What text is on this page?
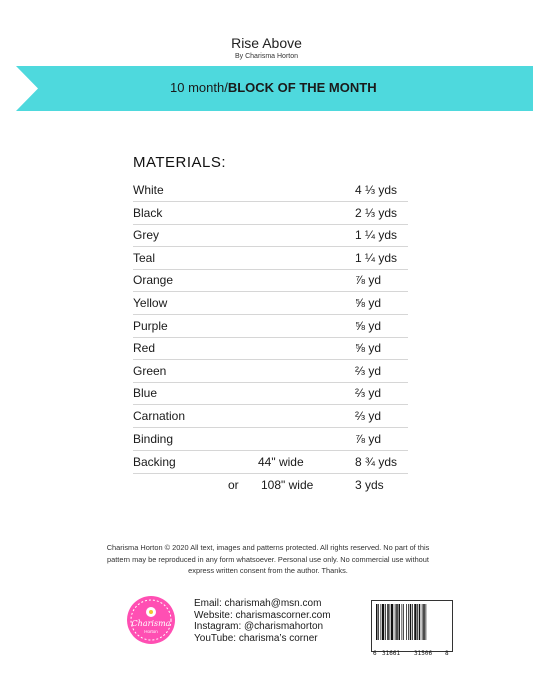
Rise Above
By Charisma Horton
10 month/BLOCK OF THE MONTH
MATERIALS:
White	4 ⅓ yds
Black	2 ⅓ yds
Grey	1 ¼ yds
Teal	1 ¼ yds
Orange	⅞ yd
Yellow	⅝ yd
Purple	⅝ yd
Red	⅝ yd
Green	⅔ yd
Blue	⅔ yd
Carnation	⅔ yd
Binding	⅞ yd
Backing	44" wide	8 ¾ yds
or 108" wide	3 yds
Charisma Horton © 2020 All text, images and patterns protected. All rights reserved. No part of this pattern may be reproduced in any form whatsoever. Personal use only. No commercial use without express written consent from the author. Thanks.
Charisma
Horton
Email: charismah@msn.com
Website: charismascorner.com
Instagram: @charismahorton
YouTube: charisma’s corner
6 31661 31506 8
